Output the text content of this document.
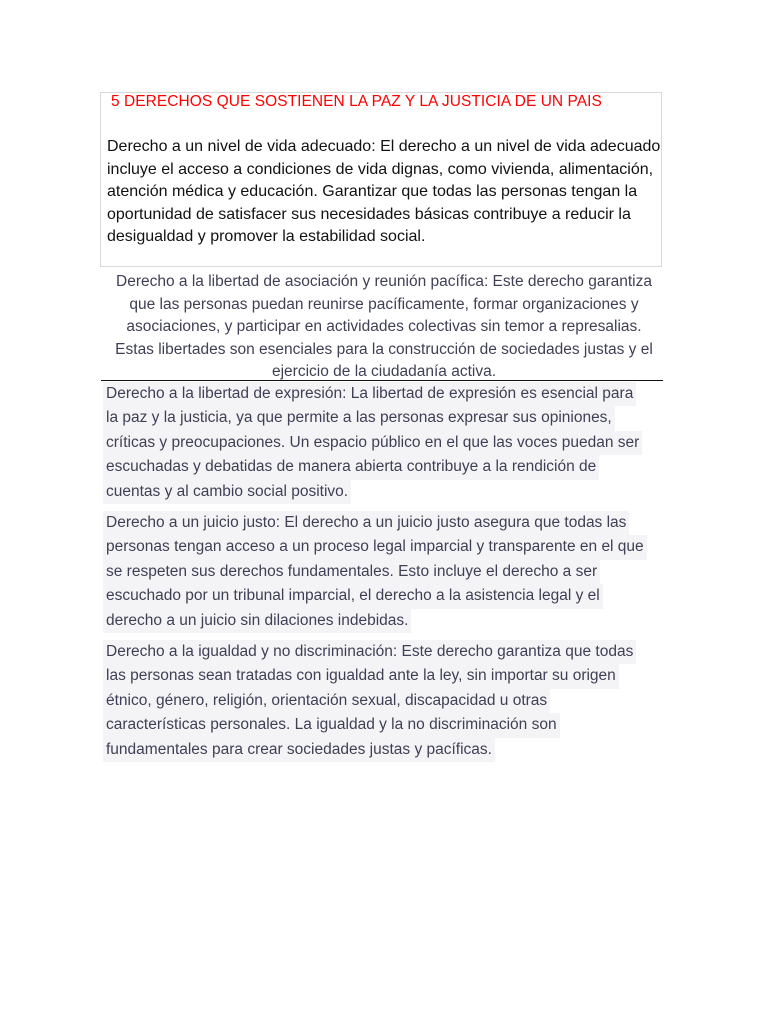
5 DERECHOS QUE SOSTIENEN LA PAZ Y LA JUSTICIA DE UN PAIS
Derecho a un nivel de vida adecuado: El derecho a un nivel de vida adecuado
incluye el acceso a condiciones de vida dignas, como vivienda, alimentación,
atención médica y educación. Garantizar que todas las personas tengan la
oportunidad de satisfacer sus necesidades básicas contribuye a reducir la
desigualdad y promover la estabilidad social.
Derecho a la libertad de asociación y reunión pacífica: Este derecho garantiza
que las personas puedan reunirse pacíficamente, formar organizaciones y
asociaciones, y participar en actividades colectivas sin temor a represalias.
Estas libertades son esenciales para la construcción de sociedades justas y el
ejercicio de la ciudadanía activa.
Derecho a la libertad de expresión: La libertad de expresión es esencial para
la paz y la justicia, ya que permite a las personas expresar sus opiniones,
críticas y preocupaciones. Un espacio público en el que las voces puedan ser
escuchadas y debatidas de manera abierta contribuye a la rendición de
cuentas y al cambio social positivo.
Derecho a un juicio justo: El derecho a un juicio justo asegura que todas las
personas tengan acceso a un proceso legal imparcial y transparente en el que
se respeten sus derechos fundamentales. Esto incluye el derecho a ser
escuchado por un tribunal imparcial, el derecho a la asistencia legal y el
derecho a un juicio sin dilaciones indebidas.
Derecho a la igualdad y no discriminación: Este derecho garantiza que todas
las personas sean tratadas con igualdad ante la ley, sin importar su origen
étnico, género, religión, orientación sexual, discapacidad u otras
características personales. La igualdad y la no discriminación son
fundamentales para crear sociedades justas y pacíficas.
